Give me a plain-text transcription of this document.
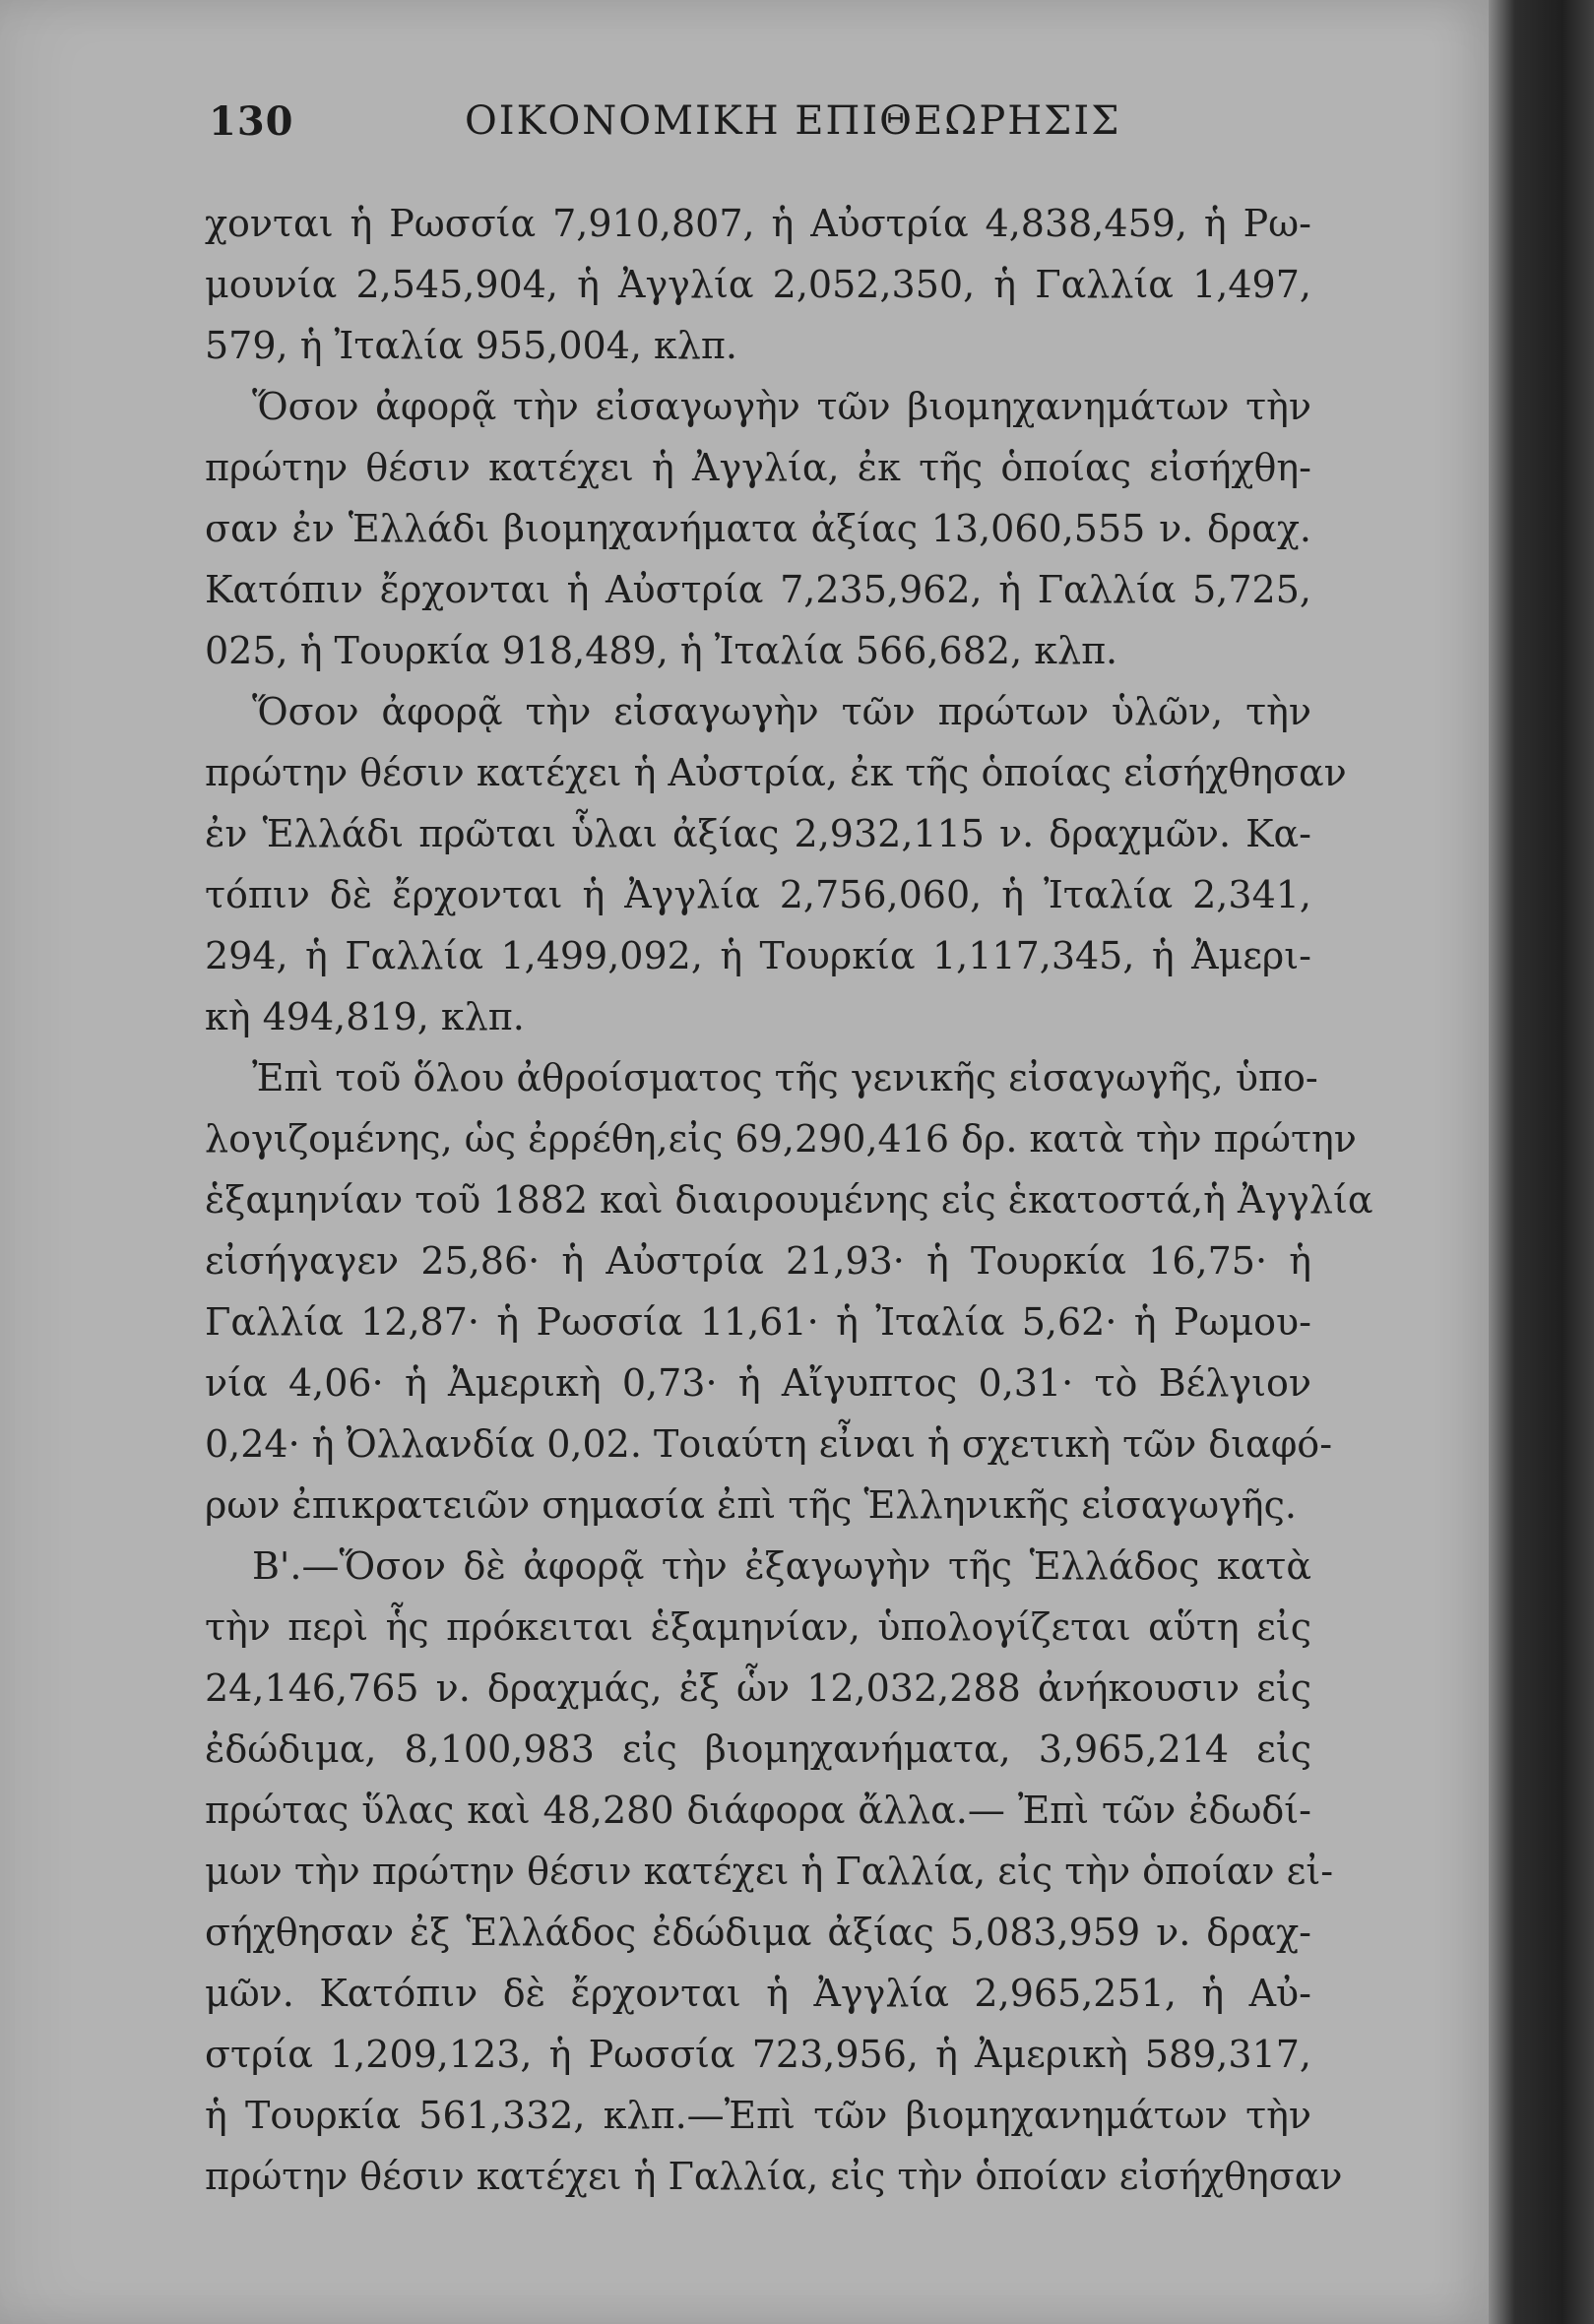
130	ΟΙΚΟΝΟΜΙΚΗ ΕΠΙΘΕΩΡΗΣΙΣ
χονται ἡ Ρωσσία 7,910,807, ἡ Αὐστρία 4,838,459, ἡ Ρω-
μουνία 2,545,904, ἡ Ἀγγλία 2,052,350, ἡ Γαλλία 1,497,
579, ἡ Ἰταλία 955,004, κλπ.
Ὅσον ἀφορᾷ τὴν εἰσαγωγὴν τῶν βιομηχανημάτων τὴν
πρώτην θέσιν κατέχει ἡ Ἀγγλία, ἐκ τῆς ὁποίας εἰσήχθη-
σαν ἐν Ἑλλάδι βιομηχανήματα ἀξίας 13,060,555 ν. δραχ.
Κατόπιν ἔρχονται ἡ Αὐστρία 7,235,962, ἡ Γαλλία 5,725,
025, ἡ Τουρκία 918,489, ἡ Ἰταλία 566,682, κλπ.
Ὅσον ἀφορᾷ τὴν εἰσαγωγὴν τῶν πρώτων ὑλῶν, τὴν
πρώτην θέσιν κατέχει ἡ Αὐστρία, ἐκ τῆς ὁποίας εἰσήχθησαν
ἐν Ἑλλάδι πρῶται ὗλαι ἀξίας 2,932,115 ν. δραχμῶν. Κα-
τόπιν δὲ ἔρχονται ἡ Ἀγγλία 2,756,060, ἡ Ἰταλία 2,341,
294, ἡ Γαλλία 1,499,092, ἡ Τουρκία 1,117,345, ἡ Ἀμερι-
κὴ 494,819, κλπ.
Ἐπὶ τοῦ ὅλου ἀθροίσματος τῆς γενικῆς εἰσαγωγῆς, ὑπο-
λογιζομένης, ὡς ἐρρέθη,εἰς 69,290,416 δρ. κατὰ τὴν πρώτην
ἑξαμηνίαν τοῦ 1882 καὶ διαιρουμένης εἰς ἑκατοστά,ἡ Ἀγγλία
εἰσήγαγεν 25,86· ἡ Αὐστρία 21,93· ἡ Τουρκία 16,75· ἡ
Γαλλία 12,87· ἡ Ρωσσία 11,61· ἡ Ἰταλία 5,62· ἡ Ρωμου-
νία 4,06· ἡ Ἀμερικὴ 0,73· ἡ Αἴγυπτος 0,31· τὸ Βέλγιον
0,24· ἡ Ὀλλανδία 0,02. Τοιαύτη εἶναι ἡ σχετικὴ τῶν διαφό-
ρων ἐπικρατειῶν σημασία ἐπὶ τῆς Ἑλληνικῆς εἰσαγωγῆς.
Β'.—Ὅσον δὲ ἀφορᾷ τὴν ἐξαγωγὴν τῆς Ἑλλάδος κατὰ
τὴν περὶ ἧς πρόκειται ἑξαμηνίαν, ὑπολογίζεται αὕτη εἰς
24,146,765 ν. δραχμάς, ἐξ ὧν 12,032,288 ἀνήκουσιν εἰς
ἐδώδιμα, 8,100,983 εἰς βιομηχανήματα, 3,965,214 εἰς
πρώτας ὕλας καὶ 48,280 διάφορα ἄλλα.— Ἐπὶ τῶν ἐδωδί-
μων τὴν πρώτην θέσιν κατέχει ἡ Γαλλία, εἰς τὴν ὁποίαν εἰ-
σήχθησαν ἐξ Ἑλλάδος ἐδώδιμα ἀξίας 5,083,959 ν. δραχ-
μῶν. Κατόπιν δὲ ἔρχονται ἡ Ἀγγλία 2,965,251, ἡ Αὐ-
στρία 1,209,123, ἡ Ρωσσία 723,956, ἡ Ἀμερικὴ 589,317,
ἡ Τουρκία 561,332, κλπ.—Ἐπὶ τῶν βιομηχανημάτων τὴν
πρώτην θέσιν κατέχει ἡ Γαλλία, εἰς τὴν ὁποίαν εἰσήχθησαν
